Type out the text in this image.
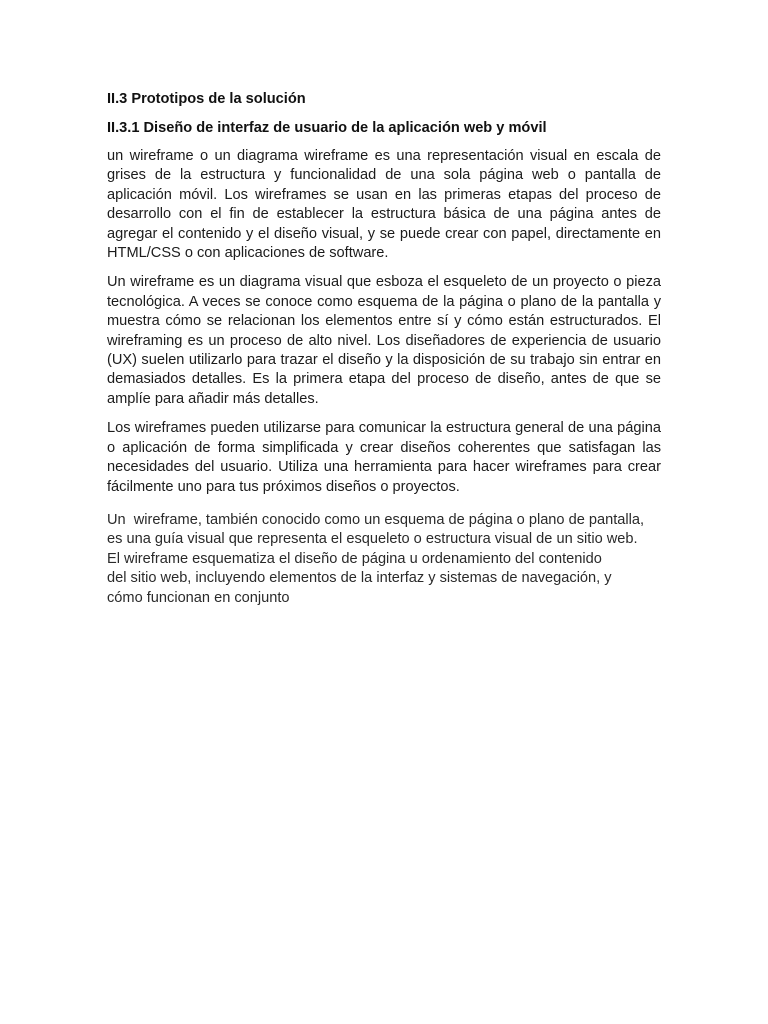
II.3 Prototipos de la solución
II.3.1 Diseño de interfaz de usuario de la aplicación web y móvil

un wireframe o un diagrama wireframe es una representación visual en escala de grises de la estructura y funcionalidad de una sola página web o pantalla de aplicación móvil. Los wireframes se usan en las primeras etapas del proceso de desarrollo con el fin de establecer la estructura básica de una página antes de agregar el contenido y el diseño visual, y se puede crear con papel, directamente en HTML/CSS o con aplicaciones de software.

Un wireframe es un diagrama visual que esboza el esqueleto de un proyecto o pieza tecnológica. A veces se conoce como esquema de la página o plano de la pantalla y muestra cómo se relacionan los elementos entre sí y cómo están estructurados. El wireframing es un proceso de alto nivel. Los diseñadores de experiencia de usuario (UX) suelen utilizarlo para trazar el diseño y la disposición de su trabajo sin entrar en demasiados detalles. Es la primera etapa del proceso de diseño, antes de que se amplíe para añadir más detalles.

Los wireframes pueden utilizarse para comunicar la estructura general de una página o aplicación de forma simplificada y crear diseños coherentes que satisfagan las necesidades del usuario. Utiliza una herramienta para hacer wireframes para crear fácilmente uno para tus próximos diseños o proyectos.

Un  wireframe, también conocido como un esquema de página o plano de pantalla,
es una guía visual que representa el esqueleto o estructura visual de un sitio web.
El wireframe esquematiza el diseño de página u ordenamiento del contenido
del sitio web, incluyendo elementos de la interfaz y sistemas de navegación, y
cómo funcionan en conjunto
